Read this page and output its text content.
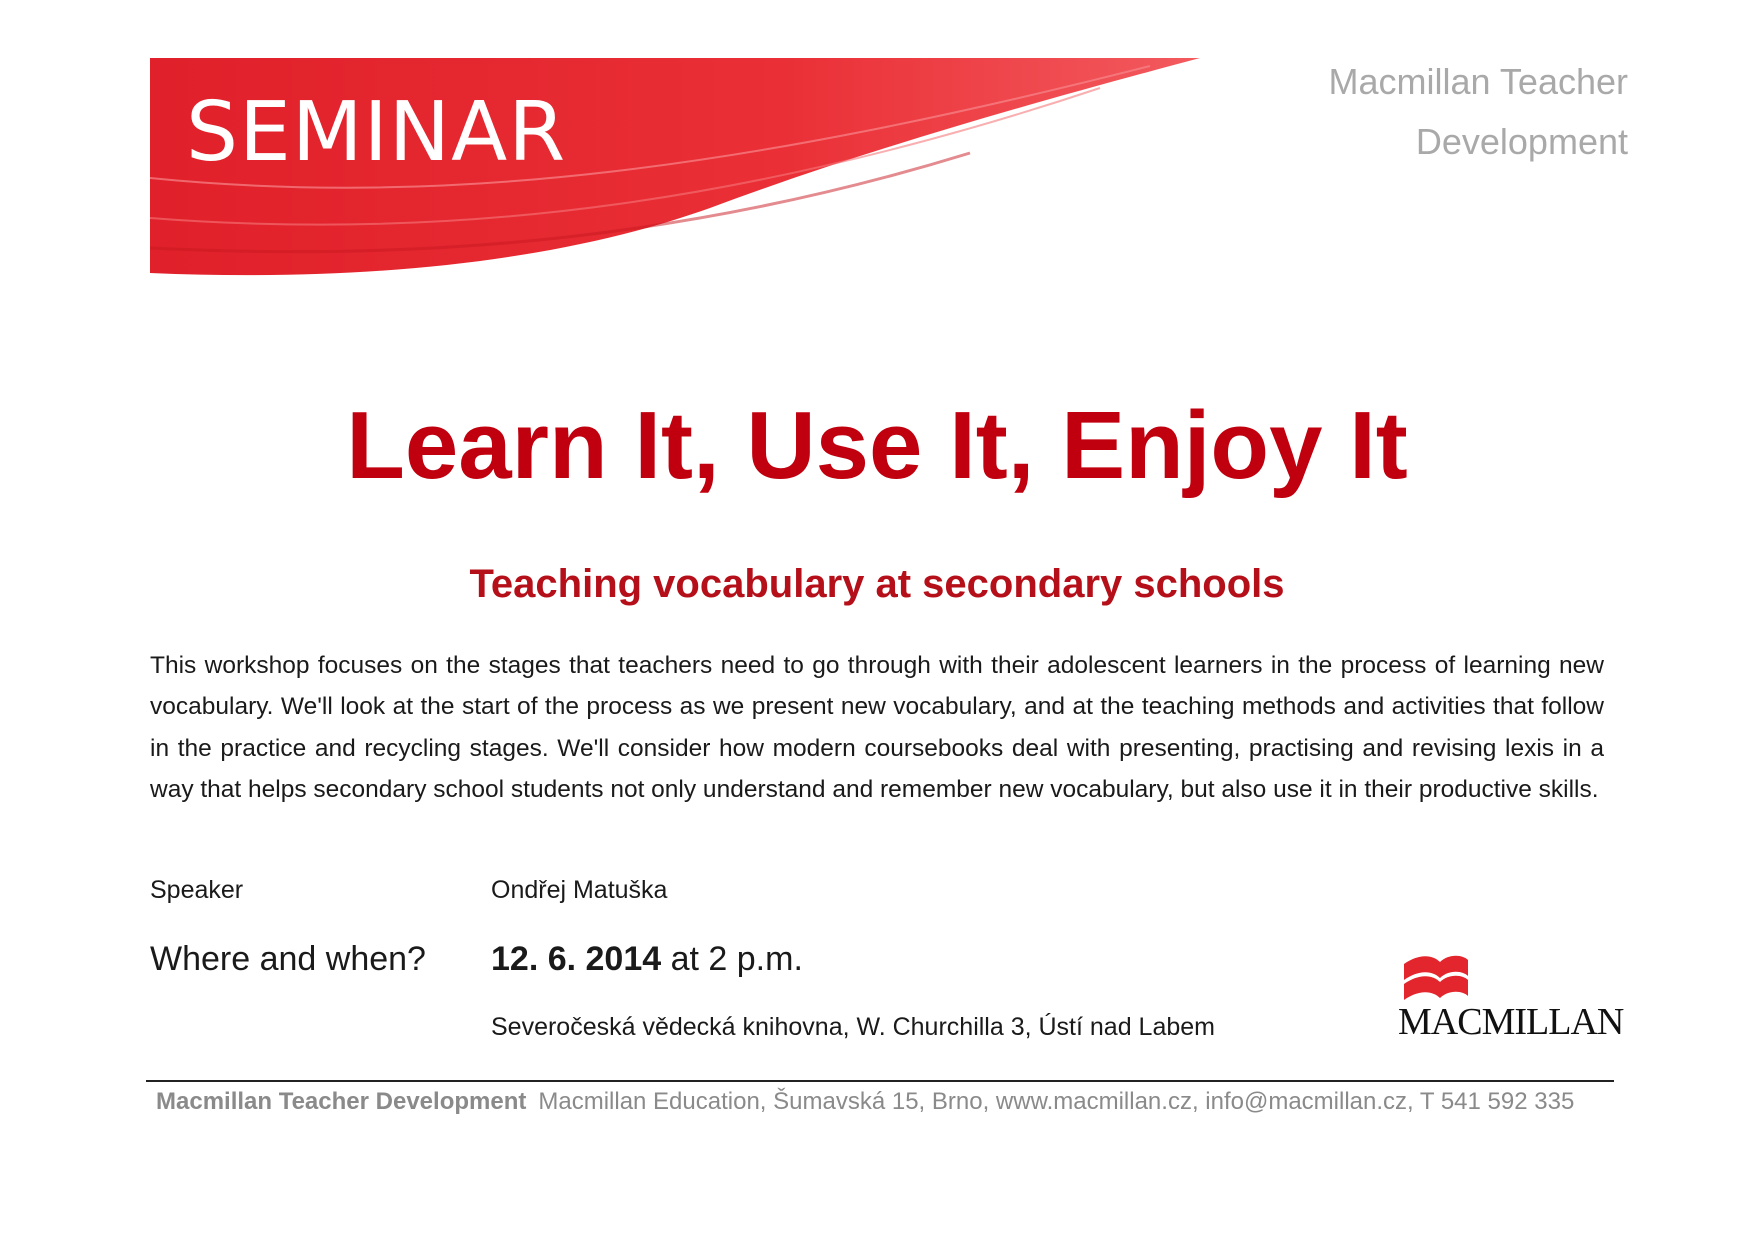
SEMINAR
Macmillan Teacher
Development
Learn It, Use It, Enjoy It
Teaching vocabulary at secondary schools
This workshop focuses on the stages that teachers need to go through with their adolescent learners in the process of learning new vocabulary. We'll look at the start of the process as we present new vocabulary, and at the teaching methods and activities that follow in the practice and recycling stages. We'll consider how modern coursebooks deal with presenting, practising and revising lexis in a way that helps secondary school students not only understand and remember new vocabulary, but also use it in their productive skills.
Speaker	Ondřej Matuška
Where and when? 12. 6. 2014 at 2 p.m.
Severočeská vědecká knihovna, W. Churchilla 3, Ústí nad Labem	MACMILLAN
Macmillan Teacher Development Macmillan Education, Šumavská 15, Brno, www.macmillan.cz, info@macmillan.cz, T 541 592 335
